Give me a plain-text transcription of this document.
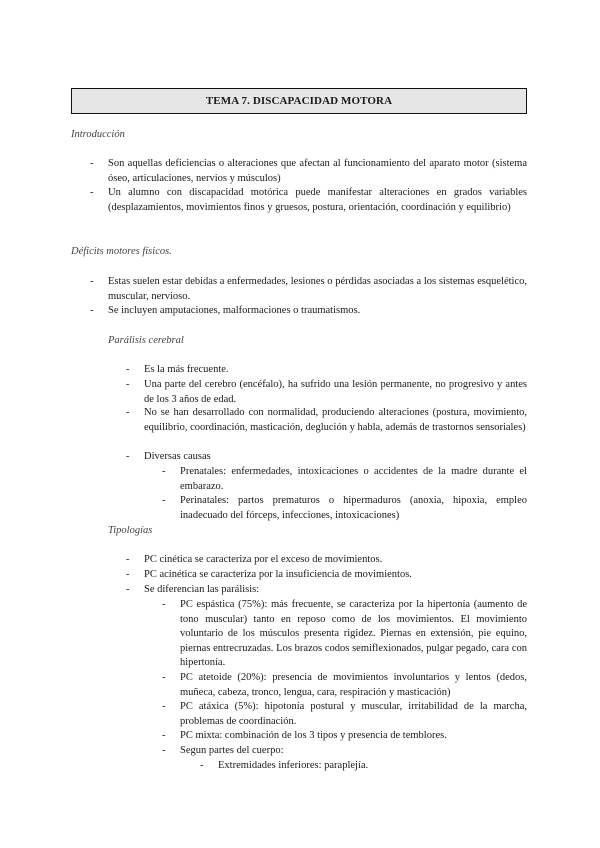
TEMA 7. DISCAPACIDAD MOTORA
Introducción
- Son aquellas deficiencias o alteraciones que afectan al funcionamiento del aparato motor (sistema óseo, articulaciones, nervios y músculos)
- Un alumno con discapacidad motórica puede manifestar alteraciones en grados variables (desplazamientos, movimientos finos y gruesos, postura, orientación, coordinación y equilibrio)
Déficits motores físicos.
- Estas suelen estar debidas a enfermedades, lesiones o pérdidas asociadas a los sistemas esquelético, muscular, nervioso.
- Se incluyen amputaciones, malformaciones o traumatismos.
Parálisis cerebral
- Es la más frecuente.
- Una parte del cerebro (encéfalo), ha sufrido una lesión permanente, no progresivo y antes de los 3 años de edad.
- No se han desarrollado con normalidad, produciendo alteraciones (postura, movimiento, equilibrio, coordinación, masticación, deglución y habla, además de trastornos sensoriales)
- Diversas causas
- Prenatales: enfermedades, intoxicaciones o accidentes de la madre durante el embarazo.
- Perinatales: partos prematuros o hipermaduros (anoxia, hipoxia, empleo inadecuado del fórceps, infecciones, intoxicaciones)
Tipologías
- PC cinética se caracteriza por el exceso de movimientos.
- PC acinética se caracteriza por la insuficiencia de movimientos.
- Se diferencian las parálisis:
- PC espástica (75%): más frecuente, se caracteriza por la hipertonía (aumento de tono muscular) tanto en reposo como de los movimientos. El movimiento voluntario de los músculos presenta rigidez. Piernas en extensión, pie equino, piernas entrecruzadas. Los brazos codos semiflexionados, pulgar pegado, cara con hipertonía.
- PC atetoide (20%): presencia de movimientos involuntarios y lentos (dedos, muñeca, cabeza, tronco, lengua, cara, respiración y masticación)
- PC atáxica (5%): hipotonía postural y muscular, irritabilidad de la marcha, problemas de coordinación.
- PC mixta: combinación de los 3 tipos y presencia de temblores.
- Segun partes del cuerpo:
- Extremidades inferiores: paraplejía.
